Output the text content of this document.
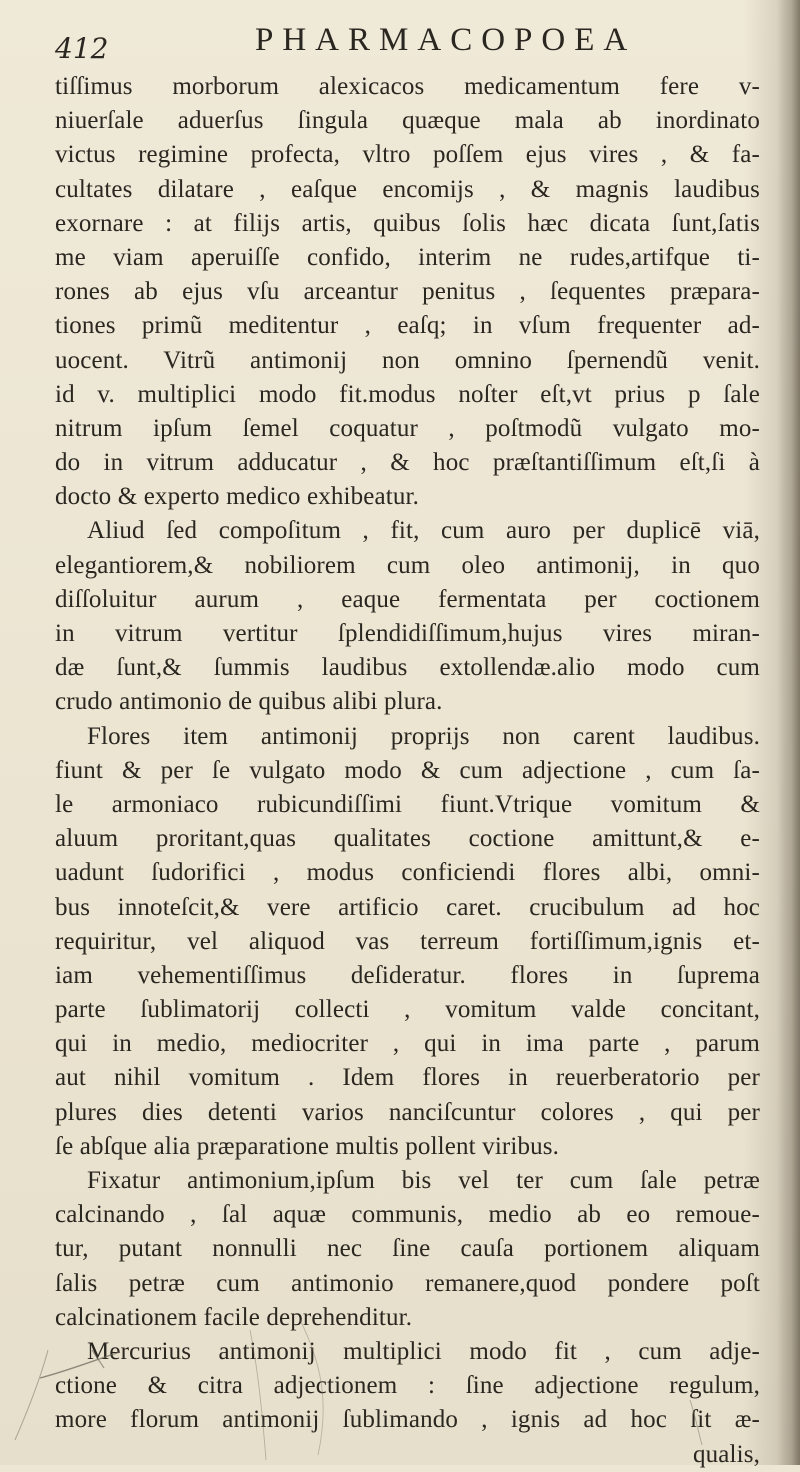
412	PHARMACOPOEA
tiſſimus morborum alexicacos medicamentum fere v-
niuerſale aduerſus ſingula quæque mala ab inordinato
victus regimine profecta, vltro poſſem ejus vires , & fa-
cultates dilatare , eaſque encomijs , & magnis laudibus
exornare : at filijs artis, quibus ſolis hæc dicata ſunt,ſatis
me viam aperuiſſe confido, interim ne rudes,artifque ti-
rones ab ejus vſu arceantur penitus , ſequentes præpara-
tiones primũ meditentur , eaſq; in vſum frequenter ad-
uocent. Vitrũ antimonij non omnino ſpernendũ venit.
id v. multiplici modo fit.modus noſter eſt,vt prius p ſale
nitrum ipſum ſemel coquatur , poſtmodũ vulgato mo-
do in vitrum adducatur , & hoc præſtantiſſimum eſt,ſi à
docto & experto medico exhibeatur.
Aliud ſed compoſitum , fit, cum auro per duplicē viā,
elegantiorem,& nobiliorem cum oleo antimonij, in quo
diſſoluitur aurum , eaque fermentata per coctionem
in vitrum vertitur ſplendidiſſimum,hujus vires miran-
dæ ſunt,& ſummis laudibus extollendæ.alio modo cum
crudo antimonio de quibus alibi plura.
Flores item antimonij proprijs non carent laudibus.
fiunt & per ſe vulgato modo & cum adjectione , cum ſa-
le armoniaco rubicundiſſimi fiunt.Vtrique vomitum &
aluum proritant,quas qualitates coctione amittunt,& e-
uadunt ſudorifici , modus conficiendi flores albi, omni-
bus innoteſcit,& vere artificio caret. crucibulum ad hoc
requiritur, vel aliquod vas terreum fortiſſimum,ignis et-
iam vehementiſſimus deſideratur. flores in ſuprema
parte ſublimatorij collecti , vomitum valde concitant,
qui in medio, mediocriter , qui in ima parte , parum
aut nihil vomitum . Idem flores in reuerberatorio per
plures dies detenti varios nanciſcuntur colores , qui per
ſe abſque alia præparatione multis pollent viribus.
Fixatur antimonium,ipſum bis vel ter cum ſale petræ
calcinando , ſal aquæ communis, medio ab eo remoue-
tur, putant nonnulli nec ſine cauſa portionem aliquam
ſalis petræ cum antimonio remanere,quod pondere poſt
calcinationem facile deprehenditur.
Mercurius antimonij multiplici modo fit , cum adje-
ctione & citra adjectionem : ſine adjectione regulum,
more florum antimonij ſublimando , ignis ad hoc ſit æ-
qualis,
